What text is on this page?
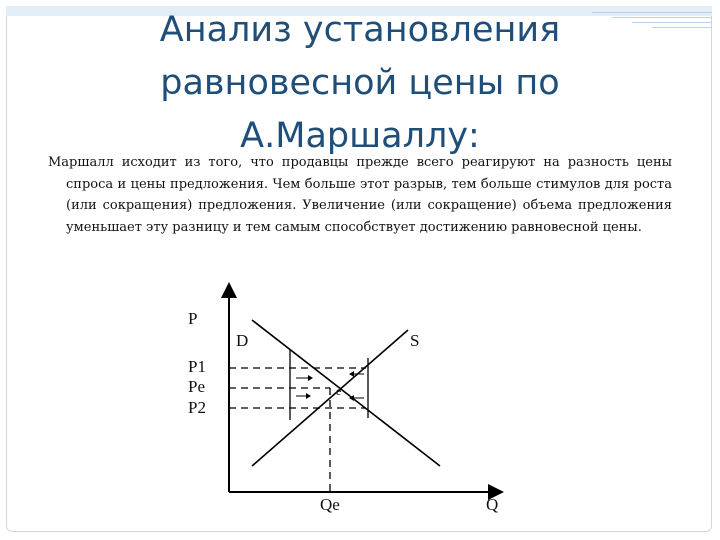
Анализ установления равновесной цены по А.Маршаллу:

Маршалл исходит из того, что продавцы прежде всего реагируют на разность цены спроса и цены предложения. Чем больше этот разрыв, тем больше стимулов для роста (или сокращения) предложения. Увеличение (или сокращение) объема предложения уменьшает эту разницу и тем самым способствует достижению равновесной цены.

P
Q
D	S
P1
Pe
P2
Qe
e
